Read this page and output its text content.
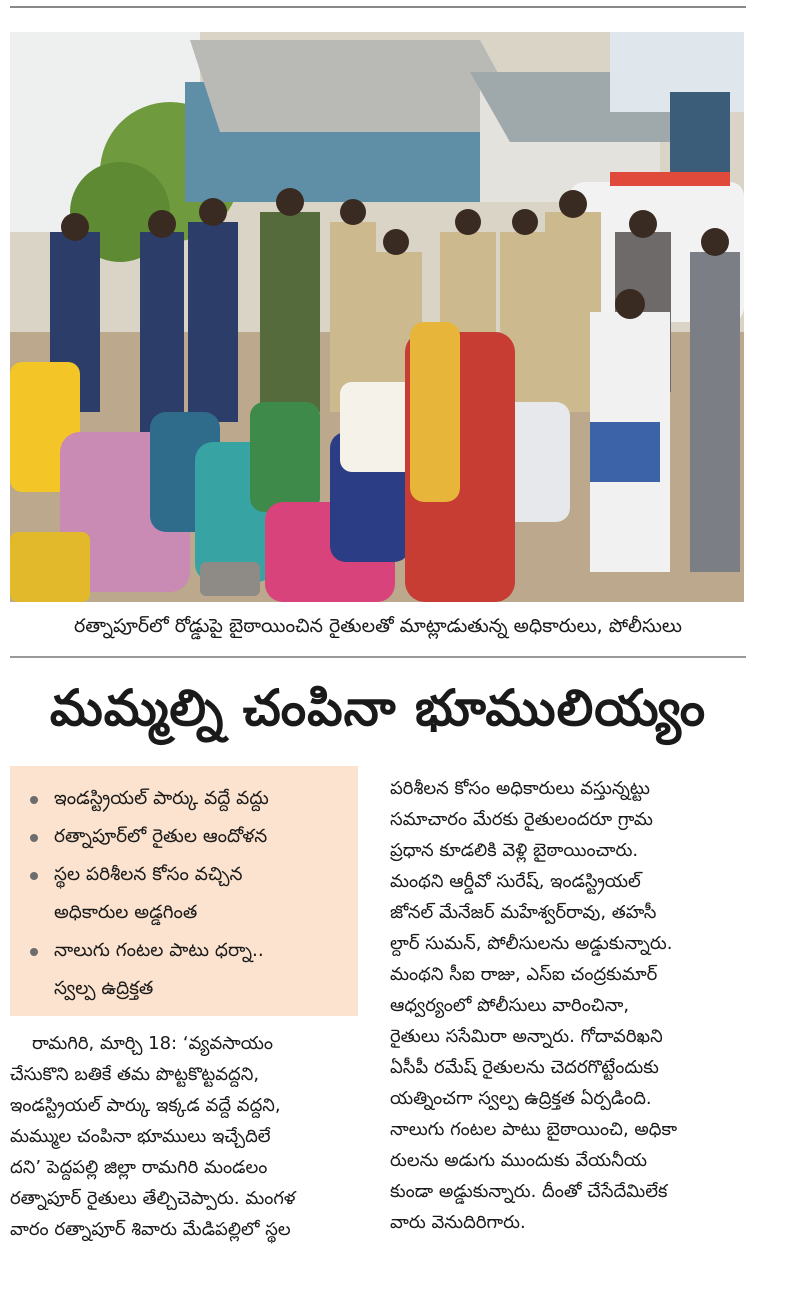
రత్నాపూర్‌లో రోడ్డుపై బైఠాయించిన రైతులతో మాట్లాడుతున్న అధికారులు, పోలీసులు
మమ్మల్ని చంపినా భూములియ్యం
ఇండస్ట్రియల్ పార్కు వద్దే వద్దు
రత్నాపూర్‌లో రైతుల ఆందోళన
స్థల పరిశీలన కోసం వచ్చిన
అధికారుల అడ్డగింత
నాలుగు గంటల పాటు ధర్నా..
స్వల్ప ఉద్రిక్తత

రామగిరి, మార్చి 18: ‘వ్యవసాయం

చేసుకొని బతికే తమ పొట్టకొట్టవద్దని,

ఇండస్ట్రియల్ పార్కు ఇక్కడ వద్దే వద్దని,

మమ్ముల చంపినా భూములు ఇచ్చేదిలే

దని’ పెద్దపల్లి జిల్లా రామగిరి మండలం

రత్నాపూర్ రైతులు తేల్చిచెప్పారు. మంగళ

వారం రత్నాపూర్ శివారు మేడిపల్లిలో స్థల

పరిశీలన కోసం అధికారులు వస్తున్నట్టు

సమాచారం మేరకు రైతులందరూ గ్రామ

ప్రధాన కూడలికి వెళ్లి బైఠాయించారు.

మంథని ఆర్డీవో సురేష్, ఇండస్ట్రియల్

జోనల్ మేనేజర్ మహేశ్వర్‌రావు, తహసీ

ల్దార్ సుమన్, పోలీసులను అడ్డుకున్నారు.

మంథని సీఐ రాజు, ఎస్ఐ చంద్రకుమార్

ఆధ్వర్యంలో పోలీసులు వారించినా,

రైతులు ససేమిరా అన్నారు. గోదావరిఖని

ఏసీపీ రమేష్ రైతులను చెదరగొట్టేందుకు

యత్నించగా స్వల్ప ఉద్రిక్తత ఏర్పడింది.

నాలుగు గంటల పాటు బైఠాయించి, అధికా

రులను అడుగు ముందుకు వేయనీయ

కుండా అడ్డుకున్నారు. దీంతో చేసేదేమిలేక

వారు వెనుదిరిగారు.
